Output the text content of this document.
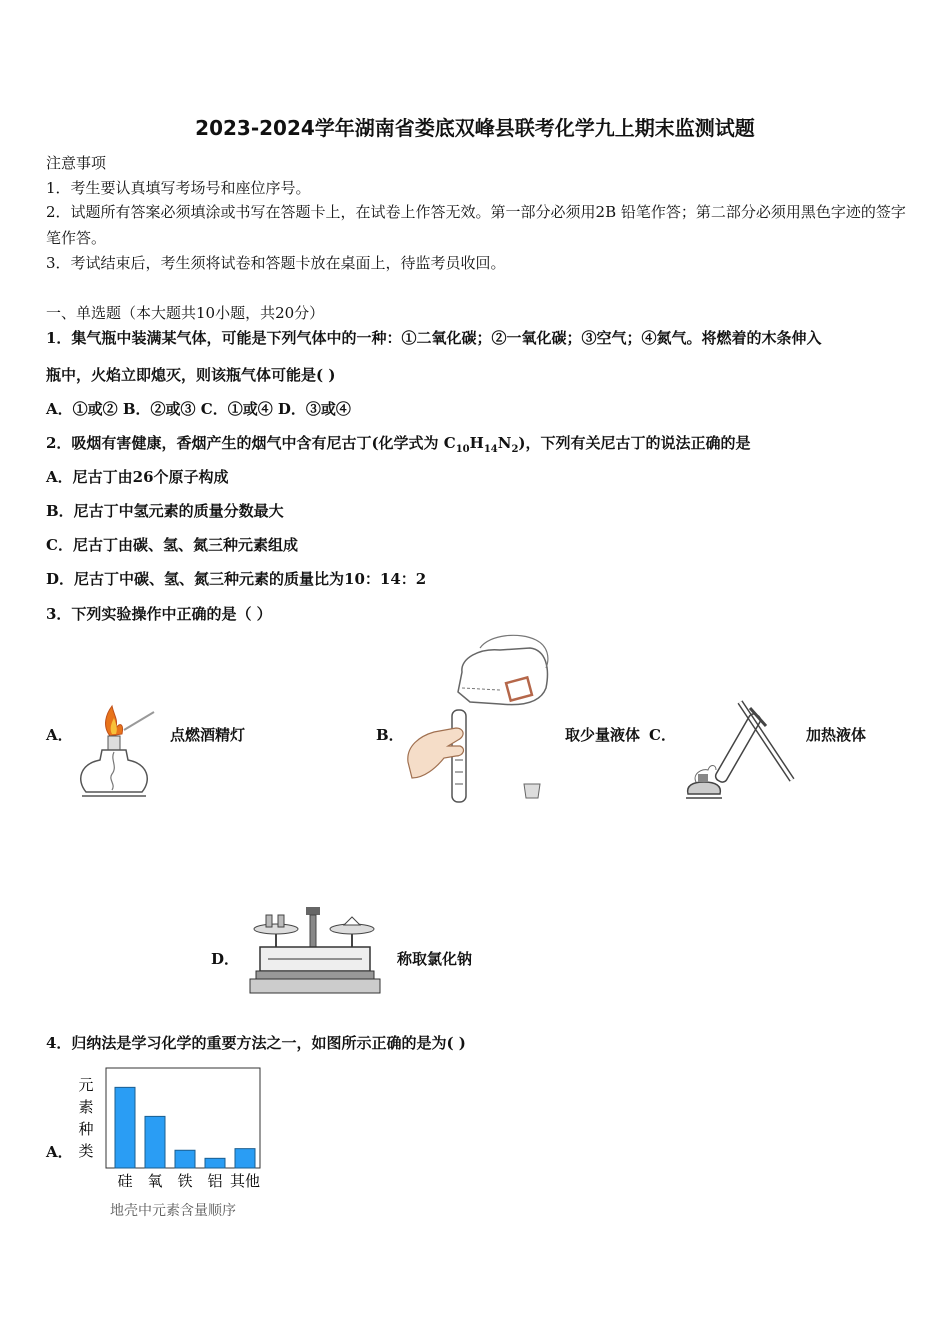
2023-2024学年湖南省娄底双峰县联考化学九上期末监测试题
注意事项
1．考生要认真填写考场号和座位序号。
2．试题所有答案必须填涂或书写在答题卡上，在试卷上作答无效。第一部分必须用2B 铅笔作答；第二部分必须用黑色字迹的签字笔作答。
3．考试结束后，考生须将试卷和答题卡放在桌面上，待监考员收回。
一、单选题（本大题共10小题，共20分）
1．集气瓶中装满某气体，可能是下列气体中的一种：①二氧化碳；②一氧化碳；③空气；④氮气。将燃着的木条伸入
瓶中，火焰立即熄灭，则该瓶气体可能是( )
A．①或② B．②或③ C．①或④ D．③或④
2．吸烟有害健康，香烟产生的烟气中含有尼古丁(化学式为 $C_{10}H_{14}N_2$)，下列有关尼古丁的说法正确的是
A．尼古丁由26个原子构成
B．尼古丁中氢元素的质量分数最大
C．尼古丁由碳、氢、氮三种元素组成
D．尼古丁中碳、氢、氮三种元素的质量比为10：14：2
3．下列实验操作中正确的是（ ）
A．	点燃酒精灯	B．	取少量液体 C．	加热液体
D．	称取氯化钠
4．归纳法是学习化学的重要方法之一，如图所示正确的是为( )
A．
元
素
种
类
硅 氧 铁 铝 其他
地壳中元素含量顺序
